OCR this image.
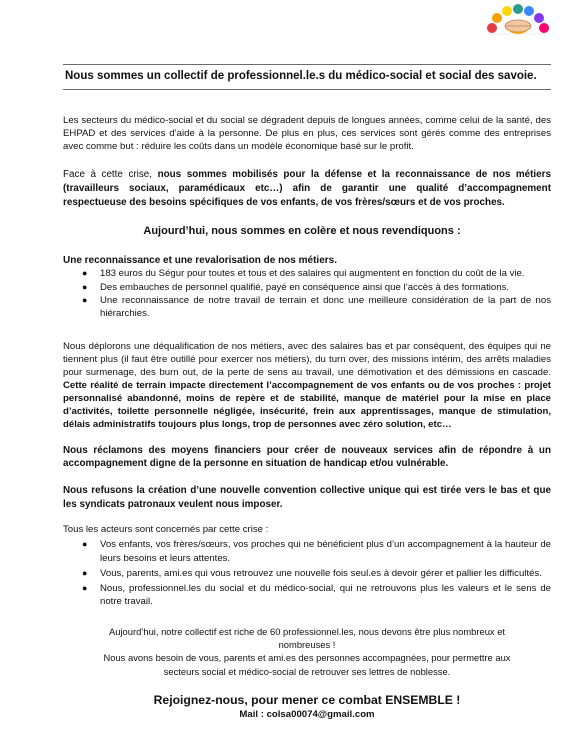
Nous sommes un collectif de professionnel.le.s du médico-social et social des savoie.

Les secteurs du médico-social et du social se dégradent depuis de longues années, comme celui de la santé, des EHPAD et des services d’aide à la personne. De plus en plus, ces services sont gérés comme des entreprises avec comme but : réduire les coûts dans un modèle économique basé sur le profit.

Face à cette crise, nous sommes mobilisés pour la défense et la reconnaissance de nos métiers (travailleurs sociaux, paramédicaux etc…) afin de garantir une qualité d’accompagnement respectueuse des besoins spécifiques de vos enfants, de vos frères/sœurs et de vos proches.

Aujourd’hui, nous sommes en colère et nous revendiquons :

Une reconnaissance et une revalorisation de nos métiers.

● 183 euros du Ségur pour toutes et tous et des salaires qui augmentent en fonction du coût de la vie.
● Des embauches de personnel qualifié, payé en conséquence ainsi que l’accès à des formations.
● Une reconnaissance de notre travail de terrain et donc une meilleure considération de la part de nos hiérarchies.

Nous déplorons une déqualification de nos métiers, avec des salaires bas et par conséquent, des équipes qui ne tiennent plus (il faut être outillé pour exercer nos métiers), du turn over, des missions intérim, des arrêts maladies pour surmenage, des burn out, de la perte de sens au travail, une démotivation et des démissions en cascade. Cette réalité de terrain impacte directement l’accompagnement de vos enfants ou de vos proches : projet personnalisé abandonné, moins de repère et de stabilité, manque de matériel pour la mise en place d’activités, toilette personnelle négligée, insécurité, frein aux apprentissages, manque de stimulation, délais administratifs toujours plus longs, trop de personnes avec zéro solution, etc…

Nous réclamons des moyens financiers pour créer de nouveaux services afin de répondre à un accompagnement digne de la personne en situation de handicap et/ou vulnérable.

Nous refusons la création d’une nouvelle convention collective unique qui est tirée vers le bas et que les syndicats patronaux veulent nous imposer.

Tous les acteurs sont concernés par cette crise :

● Vos enfants, vos frères/sœurs, vos proches qui ne bénéficient plus d’un accompagnement à la hauteur de leurs besoins et leurs attentes.
● Vous, parents, ami.es qui vous retrouvez une nouvelle fois seul.es à devoir gérer et pallier les difficultés.
● Nous, professionnel.les du social et du médico-social, qui ne retrouvons plus les valeurs et le sens de notre travail.
Aujourd’hui, notre collectif est riche de 60 professionnel.les, nous devons être plus nombreux et
nombreuses !
Nous avons besoin de vous, parents et ami.es des personnes accompagnées, pour permettre aux
secteurs social et médico-social de retrouver ses lettres de noblesse.

Rejoignez-nous, pour mener ce combat ENSEMBLE !

Mail : colsa00074@gmail.com
